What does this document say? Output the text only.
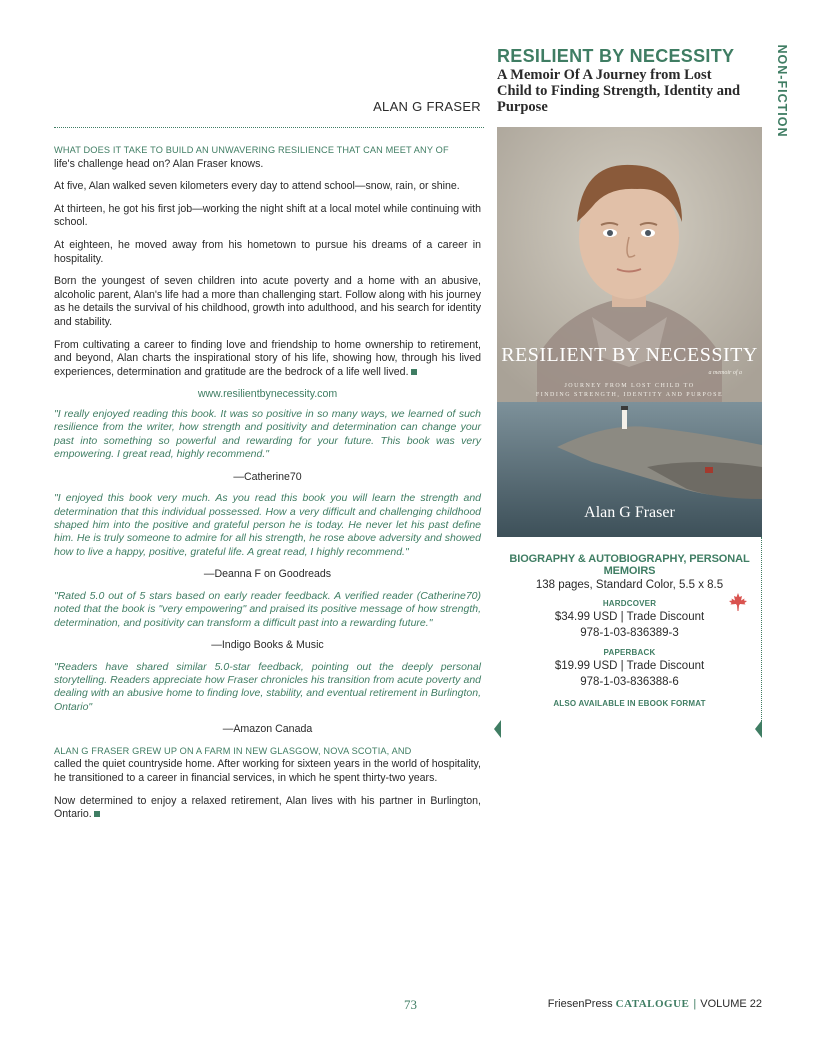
ALAN G FRASER
RESILIENT BY NECESSITY
A Memoir Of A Journey from Lost Child to Finding Strength, Identity and Purpose	NON-FICTION

WHAT DOES IT TAKE TO BUILD AN UNWAVERING RESILIENCE THAT CAN MEET ANY OF
life's challenge head on? Alan Fraser knows.

At five, Alan walked seven kilometers every day to attend school—snow, rain, or shine.

At thirteen, he got his first job—working the night shift at a local motel while continuing with school.

At eighteen, he moved away from his hometown to pursue his dreams of a career in hospitality.

Born the youngest of seven children into acute poverty and a home with an abusive, alcoholic parent, Alan's life had a more than challenging start. Follow along with his journey as he details the survival of his childhood, growth into adulthood, and his search for identity and stability.

From cultivating a career to finding love and friendship to home ownership to retirement, and beyond, Alan charts the inspirational story of his life, showing how, through his lived experiences, determination and gratitude are the bedrock of a life well lived.

www.resilientbynecessity.com

"I really enjoyed reading this book. It was so positive in so many ways, we learned of such resilience from the writer, how strength and positivity and determination can change your past into something so powerful and rewarding for your future. This book was very empowering. I great read, highly recommend."

—Catherine70

"I enjoyed this book very much. As you read this book you will learn the strength and determination that this individual possessed. How a very difficult and challenging childhood shaped him into the positive and grateful person he is today. He never let his past define him. He is truly someone to admire for all his strength, he rose above adversity and showed how to live a happy, positive, grateful life. A great read, I highly recommend."

—Deanna F on Goodreads

"Rated 5.0 out of 5 stars based on early reader feedback. A verified reader (Catherine70) noted that the book is "very empowering" and praised its positive message of how strength, determination, and positivity can transform a difficult past into a rewarding future."

—Indigo Books & Music

"Readers have shared similar 5.0-star feedback, pointing out the deeply personal storytelling. Readers appreciate how Fraser chronicles his transition from acute poverty and dealing with an abusive home to finding love, stability, and eventual retirement in Burlington, Ontario"

—Amazon Canada

ALAN G FRASER GREW UP ON A FARM IN NEW GLASGOW, NOVA SCOTIA, AND
called the quiet countryside home. After working for sixteen years in the world of hospitality, he transitioned to a career in financial services, in which he spent thirty-two years.

Now determined to enjoy a relaxed retirement, Alan lives with his partner in Burlington, Ontario.

RESILIENT BY NECESSITY
a memoir of a
JOURNEY FROM LOST CHILD TO
FINDING STRENGTH, IDENTITY AND PURPOSE
Alan G Fraser
BIOGRAPHY & AUTOBIOGRAPHY, PERSONAL MEMOIRS
138 pages, Standard Color, 5.5 x 8.5
HARDCOVER
$34.99 USD | Trade Discount
978-1-03-836389-3
PAPERBACK
$19.99 USD | Trade Discount
978-1-03-836388-6
ALSO AVAILABLE IN EBOOK FORMAT
73	FriesenPress CATALOGUE | VOLUME 22
